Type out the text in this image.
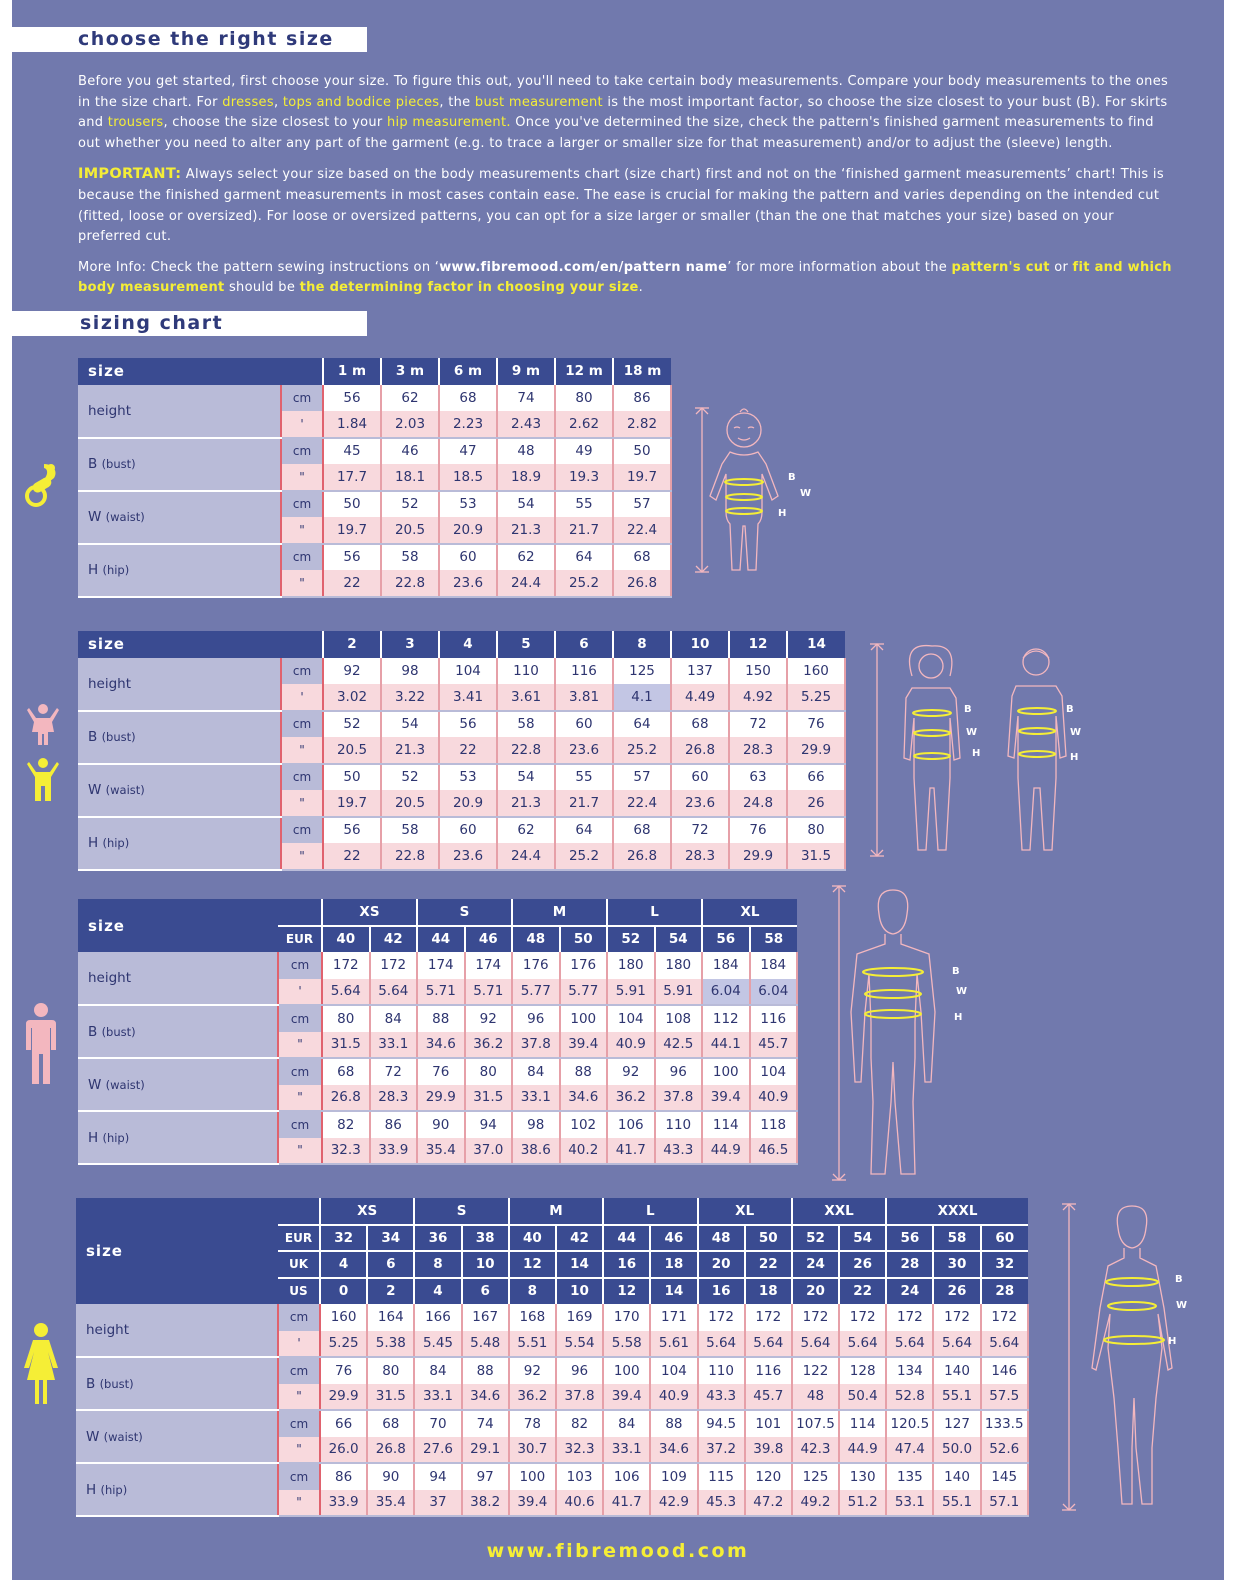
choose the right size

Before you get started, first choose your size. To figure this out, you'll need to take certain body measurements. Compare your body measurements to the ones in the size chart. For dresses, tops and bodice pieces, the bust measurement is the most important factor, so choose the size closest to your bust (B). For skirts and trousers, choose the size closest to your hip measurement. Once you've determined the size, check the pattern's finished garment measurements to find out whether you need to alter any part of the garment (e.g. to trace a larger or smaller size for that measurement) and/or to adjust the (sleeve) length.

IMPORTANT: Always select your size based on the body measurements chart (size chart) first and not on the ‘finished garment measurements’ chart! This is because the finished garment measurements in most cases contain ease. The ease is crucial for making the pattern and varies depending on the intended cut (fitted, loose or oversized). For loose or oversized patterns, you can opt for a size larger or smaller (than the one that matches your size) based on your preferred cut.

More Info: Check the pattern sewing instructions on ‘www.fibremood.com/en/pattern name’ for more information about the pattern's cut or fit and which body measurement should be the determining factor in choosing your size.

sizing chart
size		1 m	3 m	6 m	9 m	12 m	18 m
height	cm	56	62	68	74	80	86
	'	1.84	2.03	2.23	2.43	2.62	2.82
B (bust)	cm	45	46	47	48	49	50
	"	17.7	18.1	18.5	18.9	19.3	19.7
W (waist)	cm	50	52	53	54	55	57
	"	19.7	20.5	20.9	21.3	21.7	22.4
H (hip)	cm	56	58	60	62	64	68
	"	22	22.8	23.6	24.4	25.2	26.8
size		2	3	4	5	6	8	10	12	14
height	cm	92	98	104	110	116	125	137	150	160
	'	3.02	3.22	3.41	3.61	3.81	4.1	4.49	4.92	5.25
B (bust)	cm	52	54	56	58	60	64	68	72	76
	"	20.5	21.3	22	22.8	23.6	25.2	26.8	28.3	29.9
W (waist)	cm	50	52	53	54	55	57	60	63	66
	"	19.7	20.5	20.9	21.3	21.7	22.4	23.6	24.8	26
H (hip)	cm	56	58	60	62	64	68	72	76	80
	"	22	22.8	23.6	24.4	25.2	26.8	28.3	29.9	31.5
size		XS		S		M		L		XL	
	EUR	40	42	44	46	48	50	52	54	56	58
height	cm	172	172	174	174	176	176	180	180	184	184
	'	5.64	5.64	5.71	5.71	5.77	5.77	5.91	5.91	6.04	6.04
B (bust)	cm	80	84	88	92	96	100	104	108	112	116
	"	31.5	33.1	34.6	36.2	37.8	39.4	40.9	42.5	44.1	45.7
W (waist)	cm	68	72	76	80	84	88	92	96	100	104
	"	26.8	28.3	29.9	31.5	33.1	34.6	36.2	37.8	39.4	40.9
H (hip)	cm	82	86	90	94	98	102	106	110	114	118
	"	32.3	33.9	35.4	37.0	38.6	40.2	41.7	43.3	44.9	46.5
size		XS		S		M		L		XL		XXL		XXXL		
	EUR	32	34	36	38	40	42	44	46	48	50	52	54	56	58	60
	UK	4	6	8	10	12	14	16	18	20	22	24	26	28	30	32
	US	0	2	4	6	8	10	12	14	16	18	20	22	24	26	28
height	cm	160	164	166	167	168	169	170	171	172	172	172	172	172	172	172
	'	5.25	5.38	5.45	5.48	5.51	5.54	5.58	5.61	5.64	5.64	5.64	5.64	5.64	5.64	5.64
B (bust)	cm	76	80	84	88	92	96	100	104	110	116	122	128	134	140	146
	"	29.9	31.5	33.1	34.6	36.2	37.8	39.4	40.9	43.3	45.7	48	50.4	52.8	55.1	57.5
W (waist)	cm	66	68	70	74	78	82	84	88	94.5	101	107.5	114	120.5	127	133.5
	"	26.0	26.8	27.6	29.1	30.7	32.3	33.1	34.6	37.2	39.8	42.3	44.9	47.4	50.0	52.6
H (hip)	cm	86	90	94	97	100	103	106	109	115	120	125	130	135	140	145
	"	33.9	35.4	37	38.2	39.4	40.6	41.7	42.9	45.3	47.2	49.2	51.2	53.1	55.1	57.1
B
W
H
B
W
H
B
W
H
B
W
H
B
W
H
www.fibremood.com
